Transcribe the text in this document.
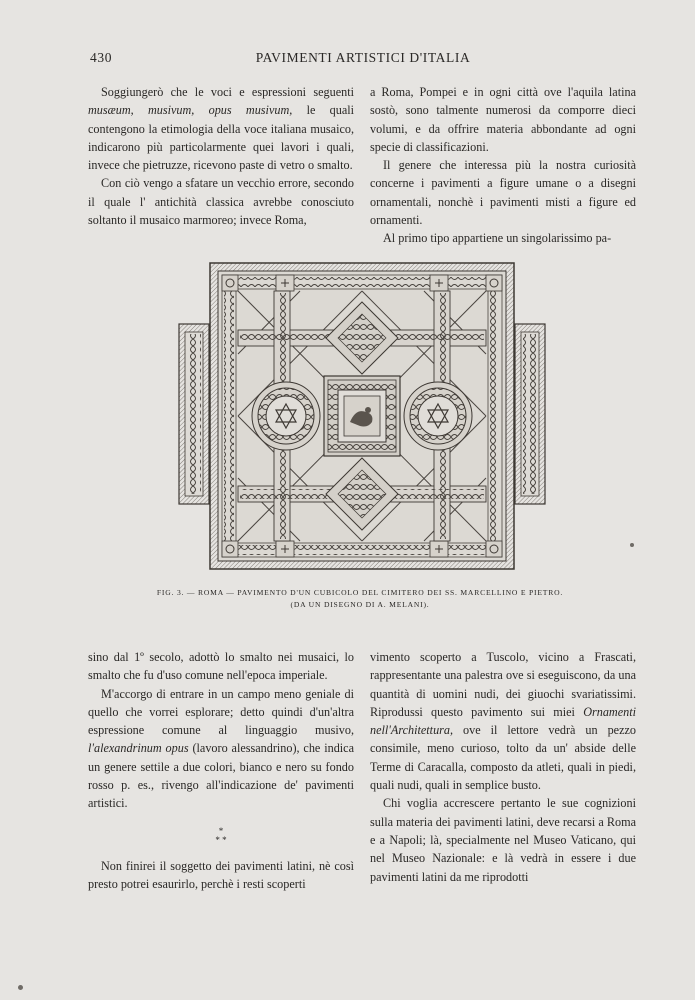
430	PAVIMENTI ARTISTICI D'ITALIA

Soggiungerò che le voci e espressioni seguenti musæum, musivum, opus musivum, le quali contengono la etimologia della voce italiana musaico, indicarono più particolarmente quei lavori i quali, invece che pietruzze, ricevono paste di vetro o smalto.

Con ciò vengo a sfatare un vecchio errore, secondo il quale l' antichità classica avrebbe conosciuto soltanto il musaico marmoreo; invece Roma,

a Roma, Pompei e in ogni città ove l'aquila latina sostò, sono talmente numerosi da comporre dieci volumi, e da offrire materia abbondante ad ogni specie di classificazioni.

Il genere che interessa più la nostra curiosità concerne i pavimenti a figure umane o a disegni ornamentali, nonchè i pavimenti misti a figure ed ornamenti.

Al primo tipo appartiene un singolarissimo pa-

FIG. 3. — ROMA — PAVIMENTO D'UN CUBICOLO DEL CIMITERO DEI SS. MARCELLINO E PIETRO.
(DA UN DISEGNO DI A. MELANI).

sino dal 1º secolo, adottò lo smalto nei musaici, lo smalto che fu d'uso comune nell'epoca imperiale.

M'accorgo di entrare in un campo meno geniale di quello che vorrei esplorare; detto quindi d'un'altra espressione comune al linguaggio musivo, l'alexandrinum opus (lavoro alessandrino), che indica un genere settile a due colori, bianco e nero su fondo rosso p. es., rivengo all'indicazione de' pavimenti artistici.

*
* *

Non finirei il soggetto dei pavimenti latini, nè così presto potrei esaurirlo, perchè i resti scoperti

vimento scoperto a Tuscolo, vicino a Frascati, rappresentante una palestra ove si eseguiscono, da una quantità di uomini nudi, dei giuochi svariatissimi. Riprodussi questo pavimento sui miei Ornamenti nell'Architettura, ove il lettore vedrà un pezzo consimile, meno curioso, tolto da un' abside delle Terme di Caracalla, composto da atleti, quali in piedi, quali nudi, quali in semplice busto.

Chi voglia accrescere pertanto le sue cognizioni sulla materia dei pavimenti latini, deve recarsi a Roma e a Napoli; là, specialmente nel Museo Vaticano, qui nel Museo Nazionale: e là vedrà in essere i due pavimenti latini da me riprodotti
